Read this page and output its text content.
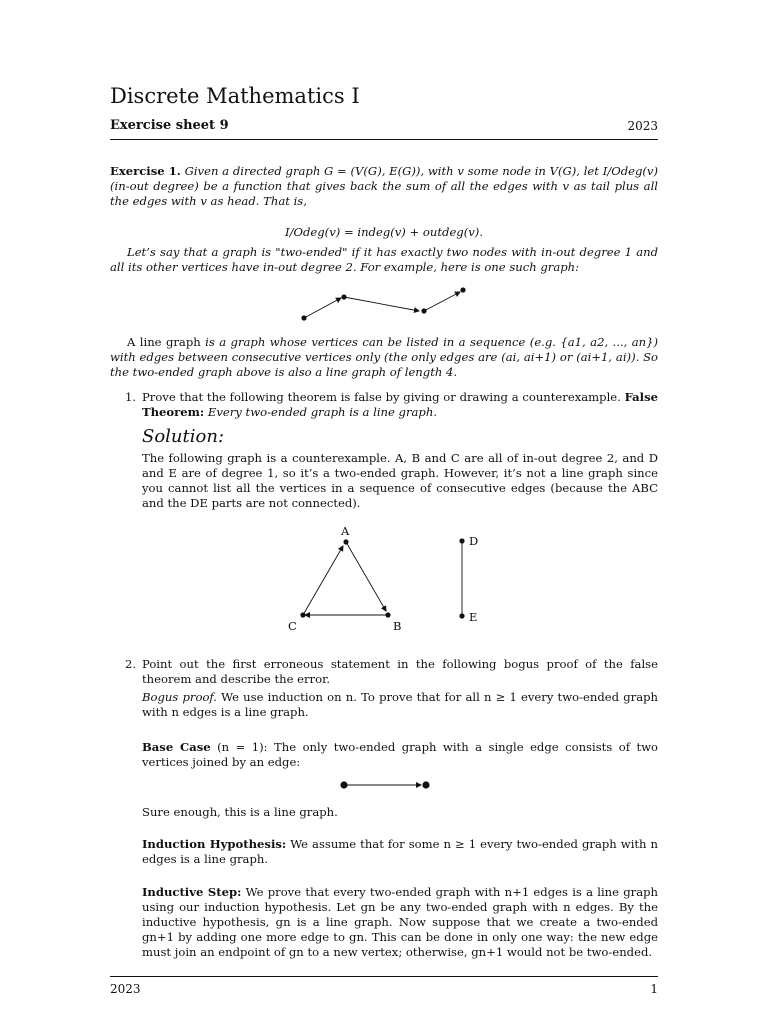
Discrete Mathematics I
Exercise sheet 9	2023
Exercise 1. Given a directed graph G = (V(G), E(G)), with v some node in V(G), let I/Odeg(v) (in-out degree) be a function that gives back the sum of all the edges with v as tail plus all the edges with v as head. That is,
I/Odeg(v) = indeg(v) + outdeg(v).
Let’s say that a graph is "two-ended" if it has exactly two nodes with in-out degree 1 and all its other vertices have in-out degree 2. For example, here is one such graph:
A line graph is a graph whose vertices can be listed in a sequence (e.g. {a1, a2, ..., an}) with edges between consecutive vertices only (the only edges are (ai, ai+1) or (ai+1, ai)). So the two-ended graph above is also a line graph of length 4.
1. Prove that the following theorem is false by giving or drawing a counterexample. False Theorem: Every two-ended graph is a line graph.
Solution:
The following graph is a counterexample. A, B and C are all of in-out degree 2, and D and E are of degree 1, so it’s a two-ended graph. However, it’s not a line graph since you cannot list all the vertices in a sequence of consecutive edges (because the ABC and the DE parts are not connected).
A
B
C
D
E
2. Point out the first erroneous statement in the following bogus proof of the false theorem and describe the error.
Bogus proof. We use induction on n. To prove that for all n ≥ 1 every two-ended graph with n edges is a line graph.
Base Case (n = 1): The only two-ended graph with a single edge consists of two vertices joined by an edge:
Sure enough, this is a line graph.
Induction Hypothesis: We assume that for some n ≥ 1 every two-ended graph with n edges is a line graph.
Inductive Step: We prove that every two-ended graph with n+1 edges is a line graph using our induction hypothesis. Let gn be any two-ended graph with n edges. By the inductive hypothesis, gn is a line graph. Now suppose that we create a two-ended gn+1 by adding one more edge to gn. This can be done in only one way: the new edge must join an endpoint of gn to a new vertex; otherwise, gn+1 would not be two-ended.
2023	1
